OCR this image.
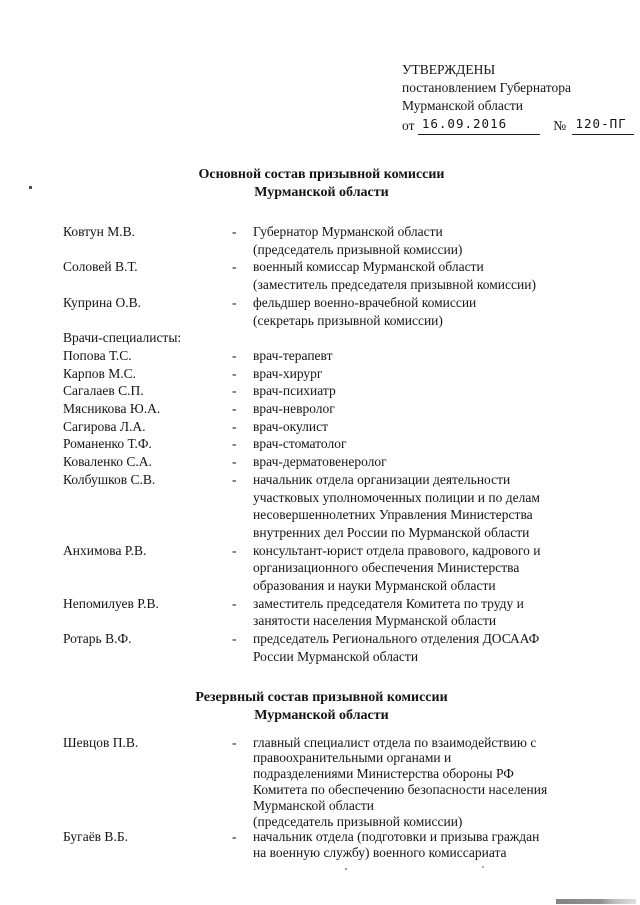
УТВЕРЖДЕНЫ
постановлением Губернатора
Мурманской области
от 16.09.2016	№ 120-ПГ
Основной состав призывной комиссии
Мурманской области
Ковтун М.В.	-	Губернатор Мурманской области
(председатель призывной комиссии)
Соловей В.Т.	-	военный комиссар Мурманской области
(заместитель председателя призывной комиссии)
Куприна О.В.	-	фельдшер военно-врачебной комиссии
(секретарь призывной комиссии)
Врачи-специалисты:
Попова Т.С.	-	врач-терапевт
Карпов М.С.	-	врач-хирург
Сагалаев С.П.	-	врач-психиатр
Мясникова Ю.А.	-	врач-невролог
Сагирова Л.А.	-	врач-окулист
Романенко Т.Ф.	-	врач-стоматолог
Коваленко С.А.	-	врач-дерматовенеролог
Колбушков С.В.	-	начальник отдела организации деятельности
участковых уполномоченных полиции и по делам
несовершеннолетних Управления Министерства
внутренних дел России по Мурманской области
Анхимова Р.В.	-	консультант-юрист отдела правового, кадрового и
организационного обеспечения Министерства
образования и науки Мурманской области
Непомилуев Р.В.	-	заместитель председателя Комитета по труду и
занятости населения Мурманской области
Ротарь В.Ф.	-	председатель Регионального отделения ДОСААФ
России Мурманской области
Резервный состав призывной комиссии
Мурманской области
Шевцов П.В.	-	главный специалист отдела по взаимодействию с
правоохранительными органами и
подразделениями Министерства обороны РФ
Комитета по обеспечению безопасности населения
Мурманской области
(председатель призывной комиссии)
Бугаёв В.Б.	-	начальник отдела (подготовки и призыва граждан
на военную службу) военного комиссариата
